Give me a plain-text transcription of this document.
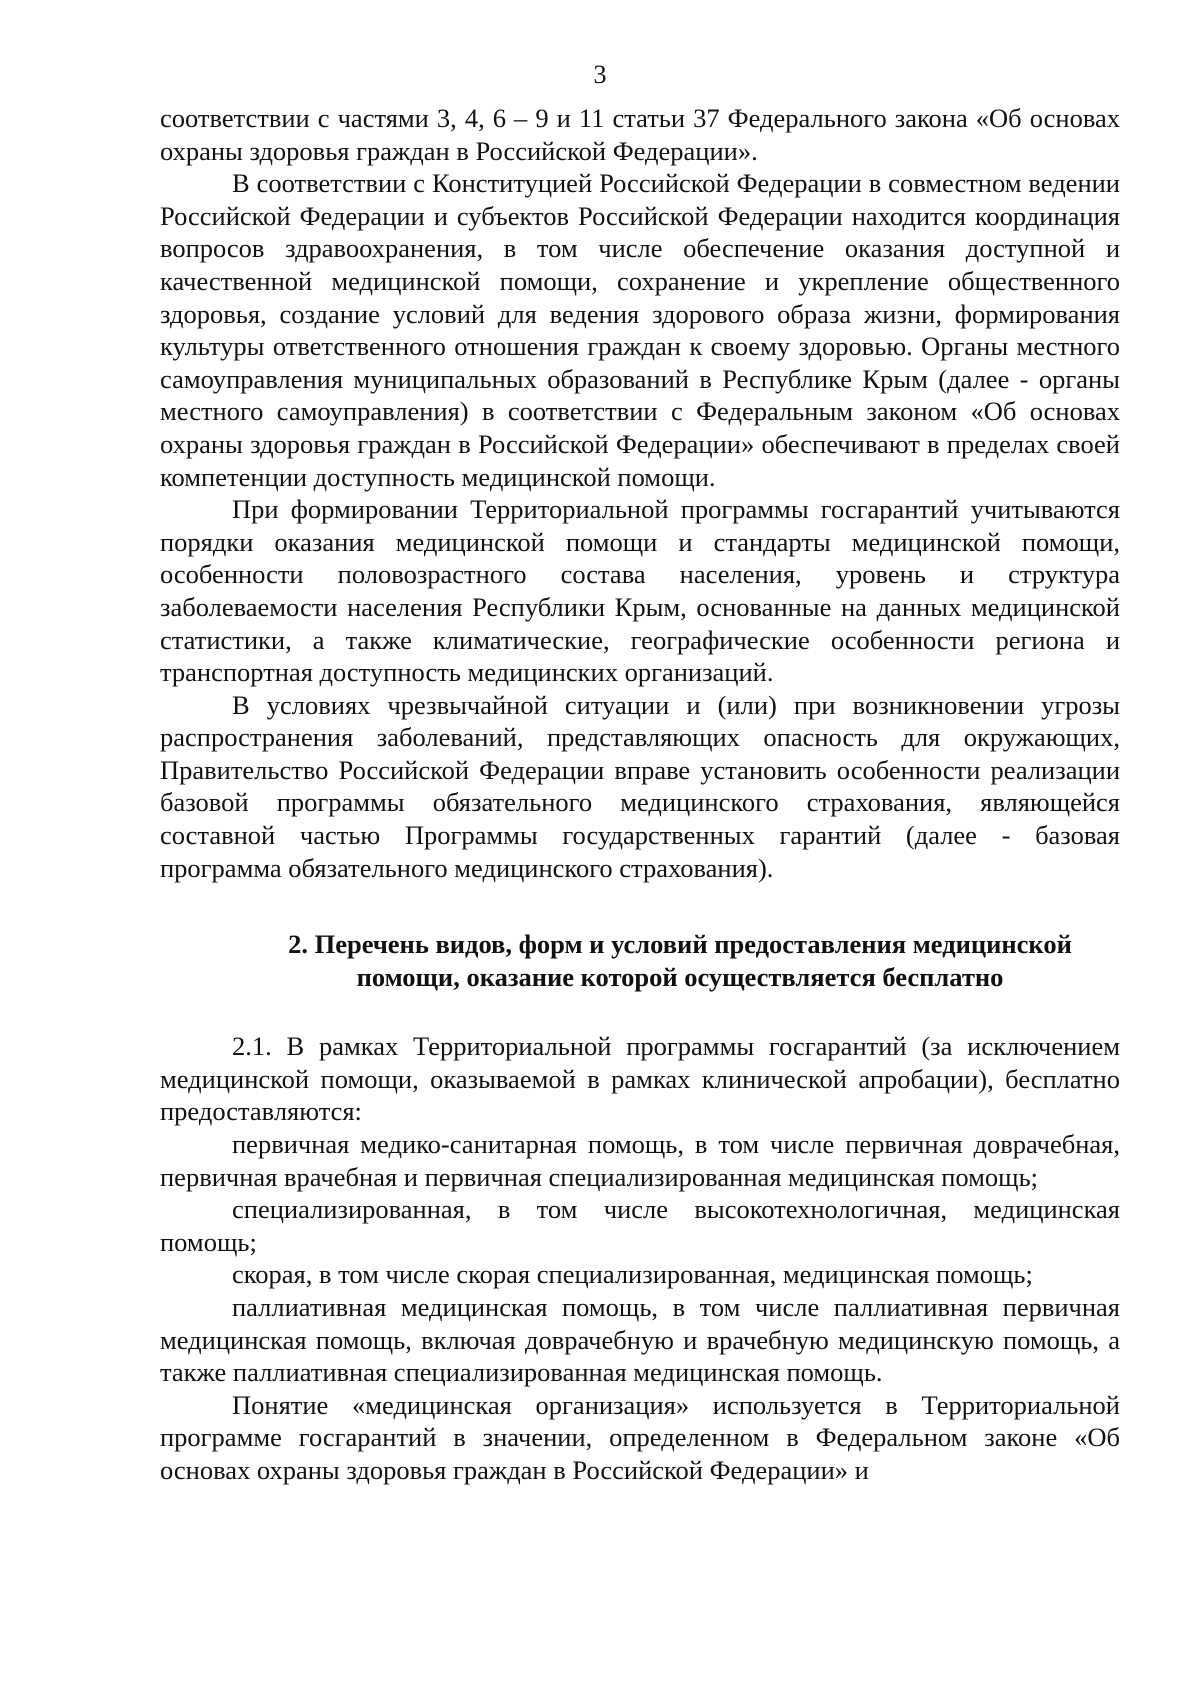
3

соответствии с частями 3, 4, 6 – 9 и 11 статьи 37 Федерального закона «Об основах охраны здоровья граждан в Российской Федерации».

В соответствии с Конституцией Российской Федерации в совместном ведении Российской Федерации и субъектов Российской Федерации находится координация вопросов здравоохранения, в том числе обеспечение оказания доступной и качественной медицинской помощи, сохранение и укрепление общественного здоровья, создание условий для ведения здорового образа жизни, формирования культуры ответственного отношения граждан к своему здоровью. Органы местного самоуправления муниципальных образований в Республике Крым (далее - органы местного самоуправления) в соответствии с Федеральным законом «Об основах охраны здоровья граждан в Российской Федерации» обеспечивают в пределах своей компетенции доступность медицинской помощи.

При формировании Территориальной программы госгарантий учитываются порядки оказания медицинской помощи и стандарты медицинской помощи, особенности половозрастного состава населения, уровень и структура заболеваемости населения Республики Крым, основанные на данных медицинской статистики, а также климатические, географические особенности региона и транспортная доступность медицинских организаций.

В условиях чрезвычайной ситуации и (или) при возникновении угрозы распространения заболеваний, представляющих опасность для окружающих, Правительство Российской Федерации вправе установить особенности реализации базовой программы обязательного медицинского страхования, являющейся составной частью Программы государственных гарантий (далее - базовая программа обязательного медицинского страхования).

2. Перечень видов, форм и условий предоставления медицинской
помощи, оказание которой осуществляется бесплатно

2.1. В рамках Территориальной программы госгарантий (за исключением медицинской помощи, оказываемой в рамках клинической апробации), бесплатно предоставляются:

первичная медико-санитарная помощь, в том числе первичная доврачебная, первичная врачебная и первичная специализированная медицинская помощь;

специализированная, в том числе высокотехнологичная, медицинская помощь;

скорая, в том числе скорая специализированная, медицинская помощь;

паллиативная медицинская помощь, в том числе паллиативная первичная медицинская помощь, включая доврачебную и врачебную медицинскую помощь, а также паллиативная специализированная медицинская помощь.

Понятие «медицинская организация» используется в Территориальной программе госгарантий в значении, определенном в Федеральном законе «Об основах охраны здоровья граждан в Российской Федерации» и
